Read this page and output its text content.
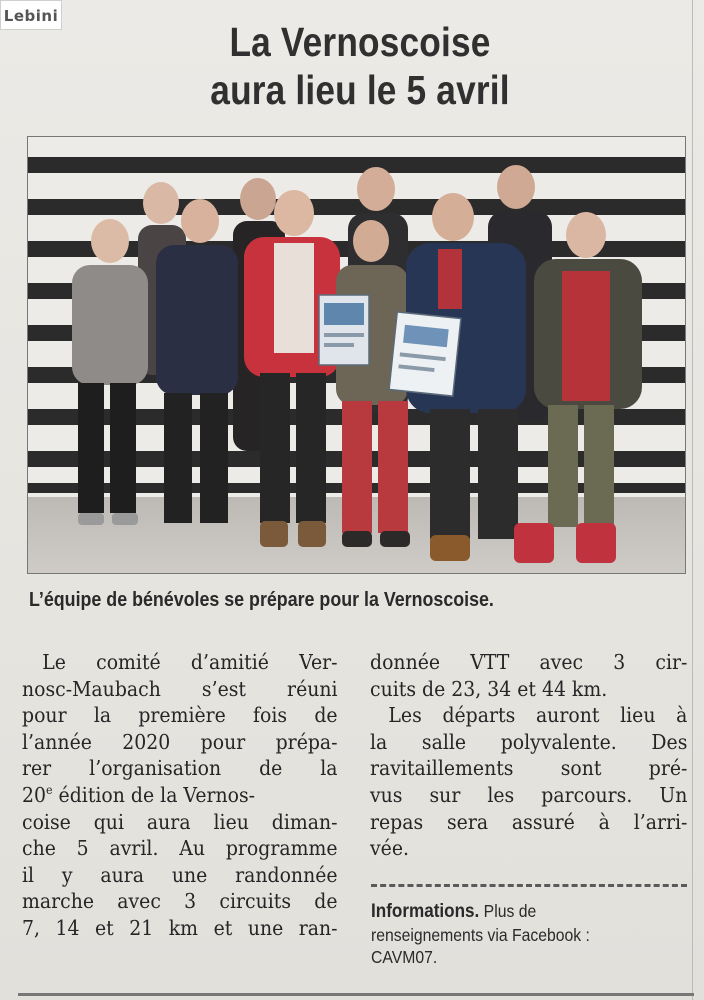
Lebini
La Vernoscoise
aura lieu le 5 avril
L’équipe de bénévoles se prépare pour la Vernoscoise.
Le comité d’amitié Ver-
nosc-Maubach s’est réuni
pour la première fois de
l’année 2020 pour prépa-
rer l’organisation de la
20e édition de la Vernos-
coise qui aura lieu diman-
che 5 avril. Au programme
il y aura une randonnée
marche avec 3 circuits de
7, 14 et 21 km et une ran-
donnée VTT avec 3 cir-
cuits de 23, 34 et 44 km.
Les départs auront lieu à
la salle polyvalente. Des
ravitaillements sont pré-
vus sur les parcours. Un
repas sera assuré à l’arri-
vée.
Informations. Plus de
renseignements via Facebook :
CAVM07.
